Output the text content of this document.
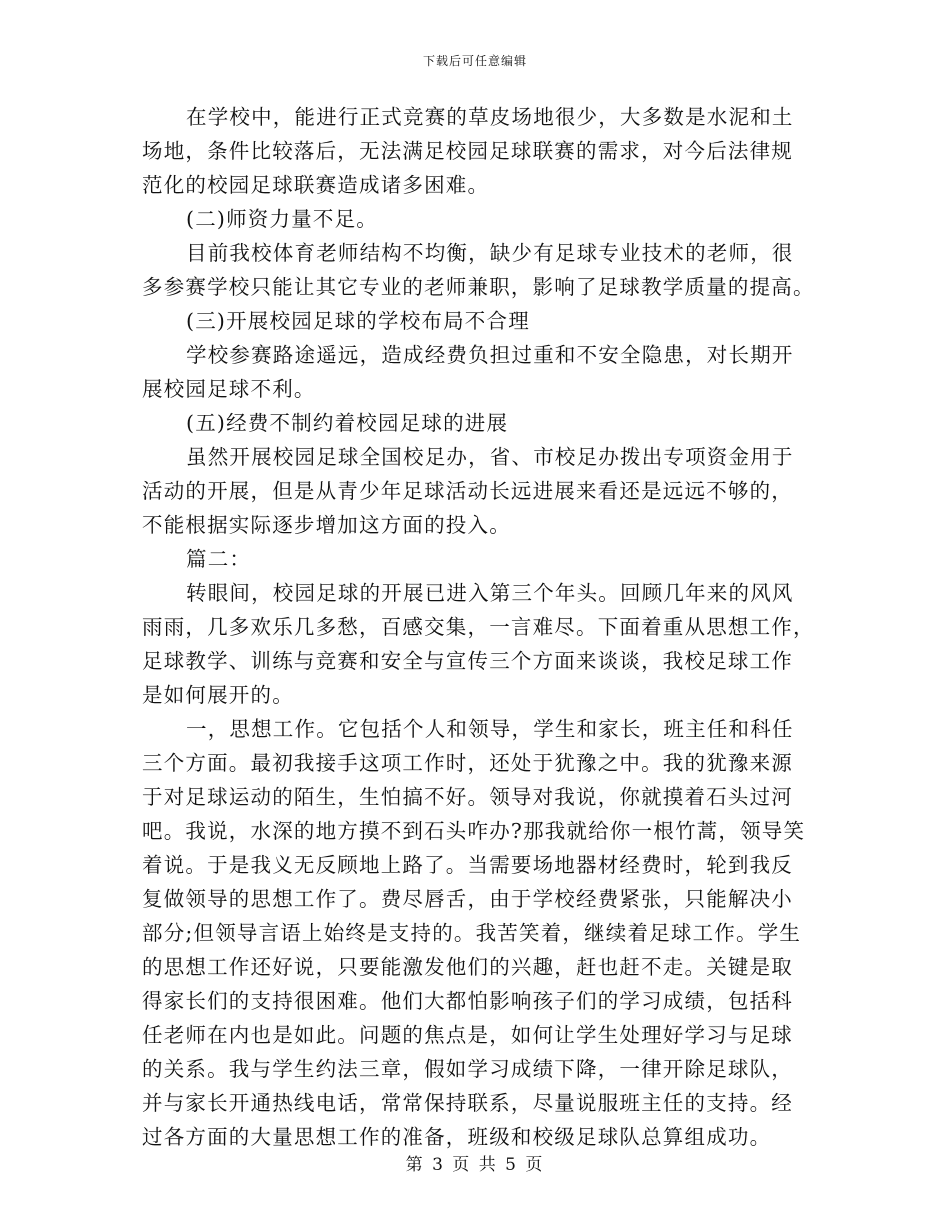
下载后可任意编辑
在学校中，能进行正式竞赛的草皮场地很少，大多数是水泥和土
场地，条件比较落后，无法满足校园足球联赛的需求，对今后法律规
范化的校园足球联赛造成诸多困难。
(二)师资力量不足。
目前我校体育老师结构不均衡，缺少有足球专业技术的老师，很
多参赛学校只能让其它专业的老师兼职，影响了足球教学质量的提高。
(三)开展校园足球的学校布局不合理
学校参赛路途遥远，造成经费负担过重和不安全隐患，对长期开
展校园足球不利。
(五)经费不制约着校园足球的进展
虽然开展校园足球全国校足办，省、市校足办拨出专项资金用于
活动的开展，但是从青少年足球活动长远进展来看还是远远不够的，
不能根据实际逐步增加这方面的投入。
篇二：
转眼间，校园足球的开展已进入第三个年头。回顾几年来的风风
雨雨，几多欢乐几多愁，百感交集，一言难尽。下面着重从思想工作，
足球教学、训练与竞赛和安全与宣传三个方面来谈谈，我校足球工作
是如何展开的。
一，思想工作。它包括个人和领导，学生和家长，班主任和科任
三个方面。最初我接手这项工作时，还处于犹豫之中。我的犹豫来源
于对足球运动的陌生，生怕搞不好。领导对我说，你就摸着石头过河
吧。我说，水深的地方摸不到石头咋办?那我就给你一根竹蒿，领导笑
着说。于是我义无反顾地上路了。当需要场地器材经费时，轮到我反
复做领导的思想工作了。费尽唇舌，由于学校经费紧张，只能解决小
部分;但领导言语上始终是支持的。我苦笑着，继续着足球工作。学生
的思想工作还好说，只要能激发他们的兴趣，赶也赶不走。关键是取
得家长们的支持很困难。他们大都怕影响孩子们的学习成绩，包括科
任老师在内也是如此。问题的焦点是，如何让学生处理好学习与足球
的关系。我与学生约法三章，假如学习成绩下降，一律开除足球队，
并与家长开通热线电话，常常保持联系，尽量说服班主任的支持。经
过各方面的大量思想工作的准备，班级和校级足球队总算组成功。
第 3 页 共 5 页
